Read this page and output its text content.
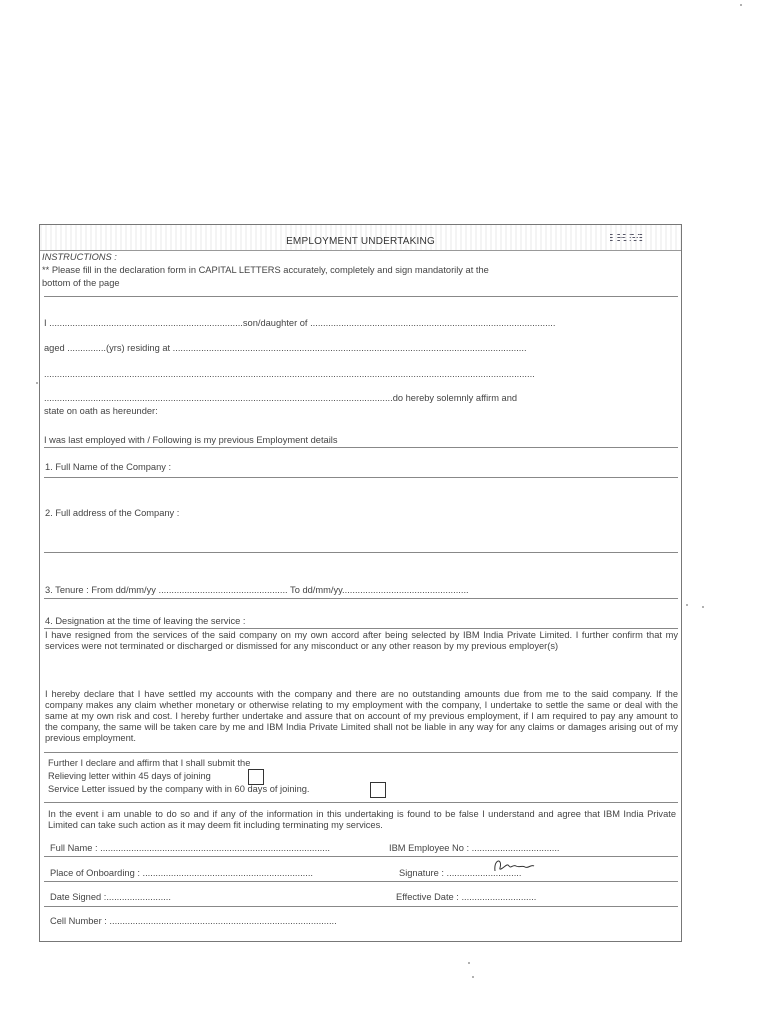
EMPLOYMENT UNDERTAKING	IBM
INSTRUCTIONS :
** Please fill in the declaration form in CAPITAL LETTERS accurately, completely and sign mandatorily at the
bottom of the page
I ...........................................................................son/daughter of ...............................................................................................
aged ...............(yrs) residing at .........................................................................................................................................
..............................................................................................................................................................................................
.......................................................................................................................................do hereby solemnly affirm and
state on oath as hereunder:
I was last employed with / Following is my previous Employment details
1. Full Name of the Company :
2. Full address of the Company :
3. Tenure : From dd/mm/yy .................................................. To dd/mm/yy.................................................
4. Designation at the time of leaving the service :
I have resigned from the services of the said company on my own accord after being selected by IBM India Private Limited. I further confirm that my services were not terminated or discharged or dismissed for any misconduct or any other reason by my previous employer(s)
I hereby declare that I have settled my accounts with the company and there are no outstanding amounts due from me to the said company. If the company makes any claim whether monetary or otherwise relating to my employment with the company, I undertake to settle the same or deal with the same at my own risk and cost. I hereby further undertake and assure that on account of my previous employment, if I am required to pay any amount to the company, the same will be taken care by me and IBM India Private Limited shall not be liable in any way for any claims or damages arising out of my previous employment.
Further I declare and affirm that I shall submit the
Relieving letter within 45 days of joining
Service Letter issued by the company with in 60 days of joining.
In the event i am unable to do so and if any of the information in this undertaking is found to be false I understand and agree that IBM India Private Limited can take such action as it may deem fit including terminating my services.
Full Name : .........................................................................................	IBM Employee No : ..................................
Place of Onboarding : ..................................................................	Signature : .............................
Date Signed :.........................	Effective Date : .............................
Cell Number : ........................................................................................
